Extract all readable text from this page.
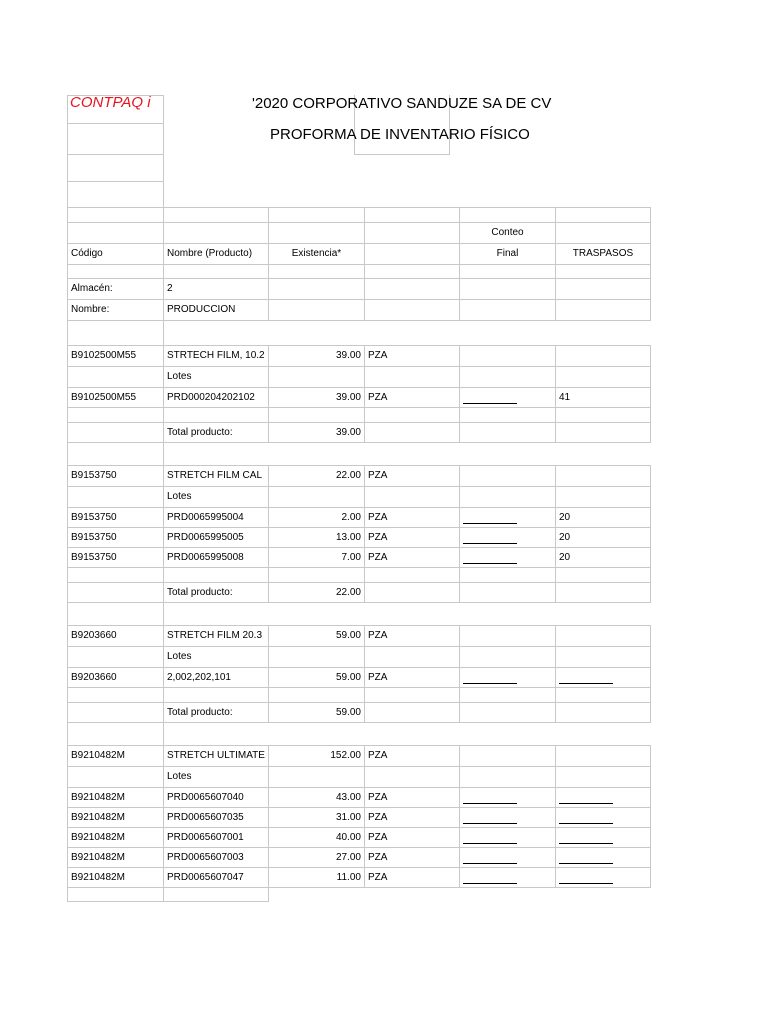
CONTPAQ i	'2020 CORPORATIVO SANDUZE SA DE CV
PROFORMA DE INVENTARIO FÍSICO

				Conteo	
Código	Nombre (Producto)	Existencia*		Final	TRASPASOS

Almacén:	2				
Nombre:	PRODUCCION				

B9102500M55	STRTECH FILM, 10.2	39.00	PZA		
	Lotes				
B9102500M55	PRD000204202102	39.00	PZA		41

	Total producto:	39.00			

B9153750	STRETCH FILM CAL	22.00	PZA		
	Lotes				
B9153750	PRD0065995004	2.00	PZA		20
B9153750	PRD0065995005	13.00	PZA		20
B9153750	PRD0065995008	7.00	PZA		20

	Total producto:	22.00			

B9203660	STRETCH FILM 20.3	59.00	PZA		
	Lotes				
B9203660	2,002,202,101	59.00	PZA		

	Total producto:	59.00			

B9210482M	STRETCH ULTIMATE	152.00	PZA		
	Lotes				
B9210482M	PRD0065607040	43.00	PZA		
B9210482M	PRD0065607035	31.00	PZA		
B9210482M	PRD0065607001	40.00	PZA		
B9210482M	PRD0065607003	27.00	PZA		
B9210482M	PRD0065607047	11.00	PZA		
